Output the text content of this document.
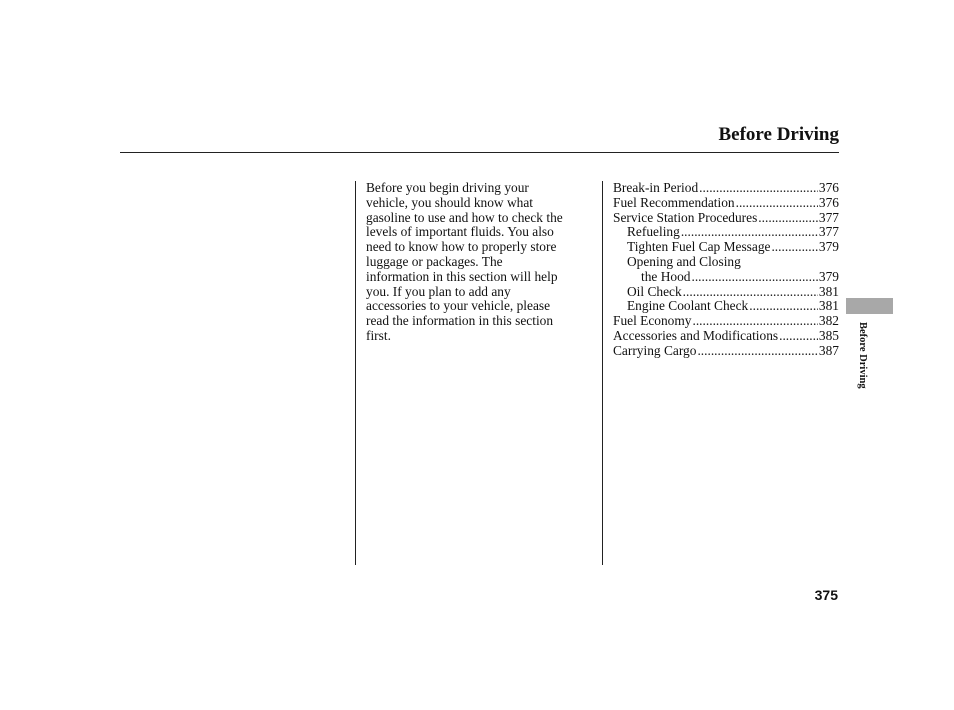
Before Driving
Before you begin driving your
vehicle, you should know what
gasoline to use and how to check the
levels of important fluids. You also
need to know how to properly store
luggage or packages. The
information in this section will help
you. If you plan to add any
accessories to your vehicle, please
read the information in this section
first.
Break-in Period .....	376
Fuel Recommendation .....	376
Service Station Procedures .....	377
Refueling .....	377
Tighten Fuel Cap Message .....	379
Opening and Closing
the Hood .....	379
Oil Check .....	381
Engine Coolant Check .....	381
Fuel Economy .....	382
Accessories and Modifications .....	385
Carrying Cargo .....	387 Before Driving
375
